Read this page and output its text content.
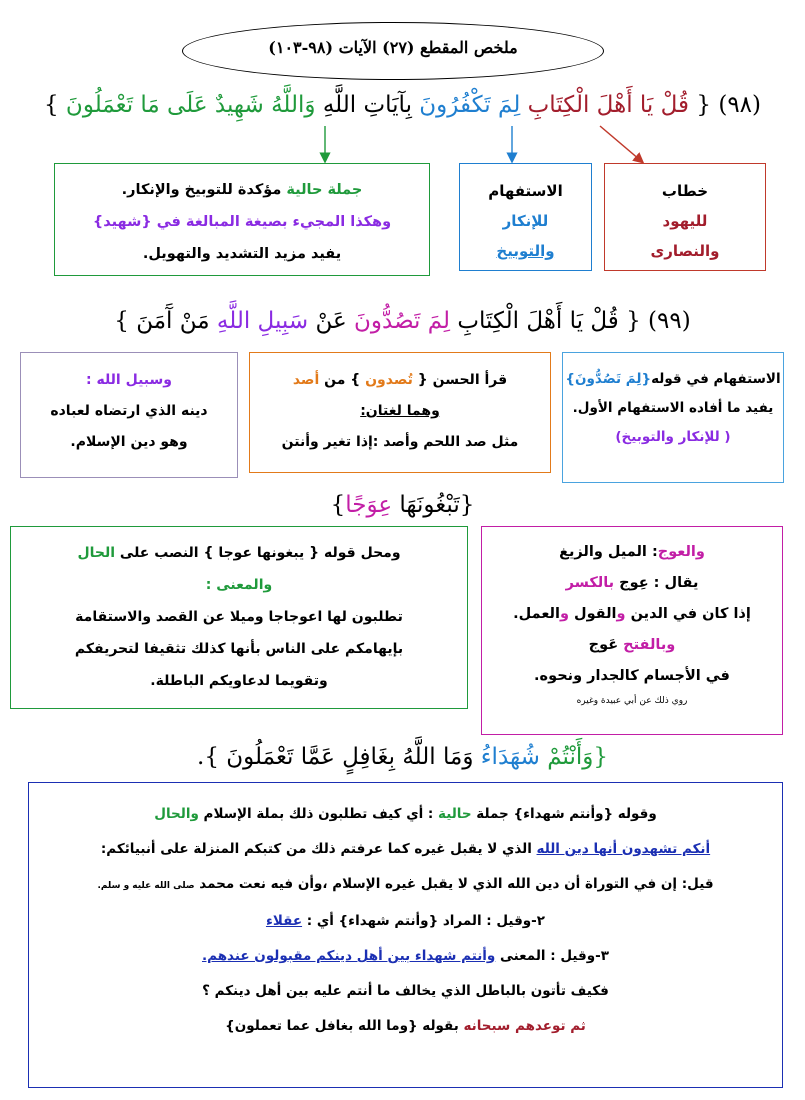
ملخص المقطع (٢٧) الآيات (٩٨-١٠٣)
(٩٨) { قُلْ يَا أَهْلَ الْكِتَابِ لِمَ تَكْفُرُونَ بِآيَاتِ اللَّهِ وَاللَّهُ شَهِيدٌ عَلَى مَا تَعْمَلُونَ }

خطاب

لليهود

والنصارى

الاستفهام

للإنكار

والتوبيخ

جملة حالية مؤكدة للتوبيخ والإنكار.

وهكذا المجيء بصيغة المبالغة في {شهيد}

يفيد مزيد التشديد والتهويل.

(٩٩) { قُلْ يَا أَهْلَ الْكِتَابِ لِمَ تَصُدُّونَ عَنْ سَبِيلِ اللَّهِ مَنْ آَمَنَ }

الاستفهام في قوله{لِمَ تَصُدُّونَ}

يفيد ما أفاده الاستفهام الأول.

( للإنكار والتوبيخ)

قرأ الحسن { تُصدون } من أصد

وهما لغتان:

مثل صد اللحم وأصد :إذا تغير وأنتن

وسبيل الله :

دينه الذي ارتضاه لعباده

وهو دين الإسلام.

{تَبْغُونَهَا عِوَجًا}

والعوج: الميل والزيغ

يقال : عِوج بالكسر

إذا كان في الدين والقول والعمل.

وبالفتح عَوج

في الأجسام كالجدار ونحوه.

روي ذلك عن أبي عبيدة وغيره

ومحل قوله { يبغونها عوجا } النصب على الحال

والمعنى :

تطلبون لها اعوجاجا وميلا عن القصد والاستقامة

بإيهامكم على الناس بأنها كذلك تثقيفا لتحريفكم

وتقويما لدعاويكم الباطلة.

{وَأَنْتُمْ شُهَدَاءُ وَمَا اللَّهُ بِغَافِلٍ عَمَّا تَعْمَلُونَ }.

وقوله {وأنتم شهداء} جملة حالية : أي كيف تطلبون ذلك بملة الإسلام والحال

أنكم تشهدون أنها دين الله الذي لا يقبل غيره كما عرفتم ذلك من كتبكم المنزلة على أنبيائكم:

قيل: إن في التوراة أن دين الله الذي لا يقبل غيره الإسلام ،وأن فيه نعت محمد صلى الله عليه و سلم.

٢-وقيل : المراد {وأنتم شهداء} أي : عقلاء

٣-وقيل : المعنى وأنتم شهداء بين أهل دينكم مقبولون عندهم.

فكيف تأتون بالباطل الذي يخالف ما أنتم عليه بين أهل دينكم ؟

ثم توعدهم سبحانه بقوله {وما الله بغافل عما تعملون}
